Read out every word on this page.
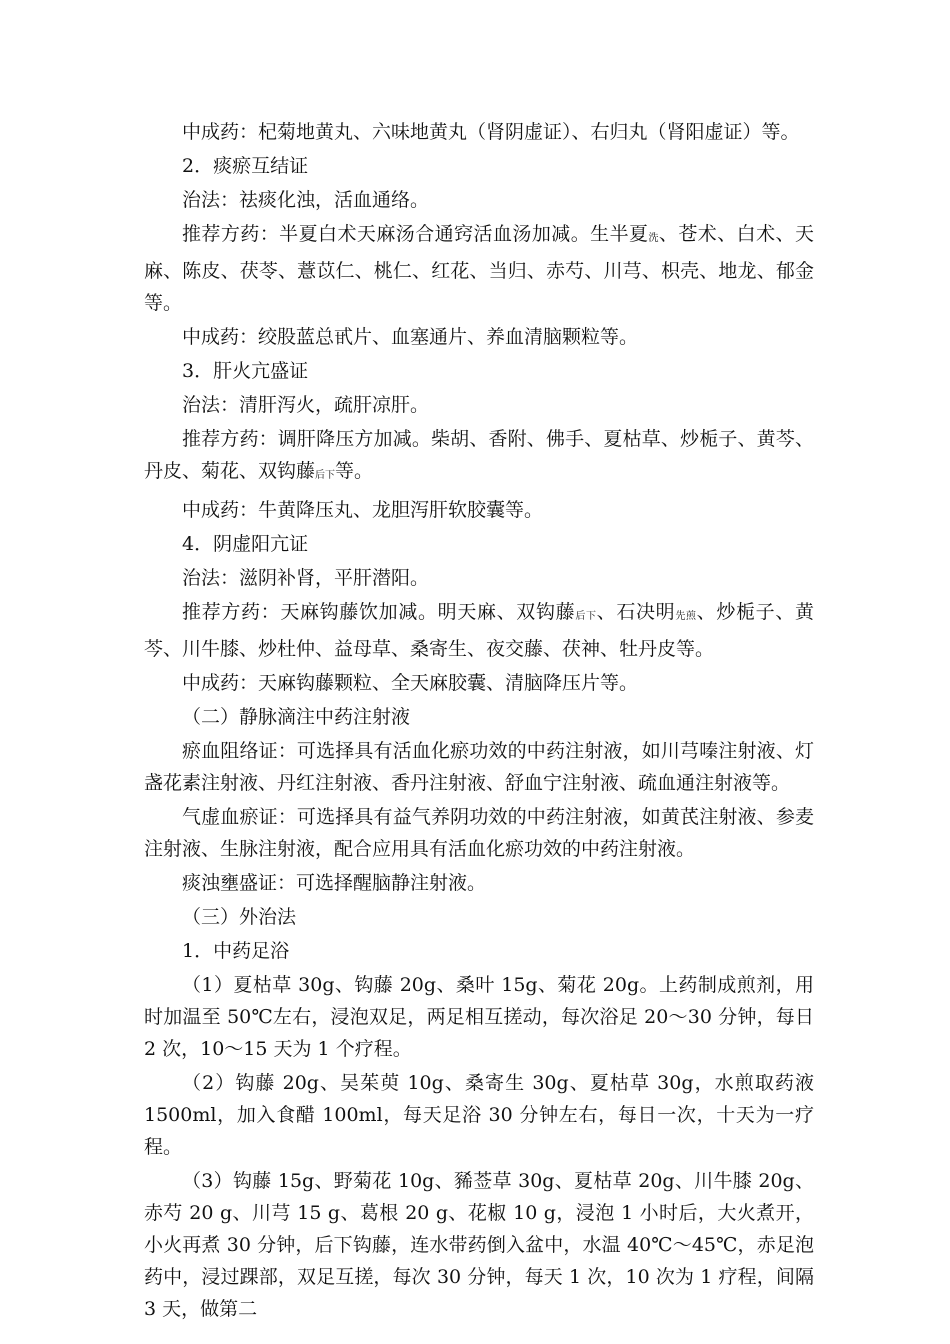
中成药：杞菊地黄丸、六味地黄丸（肾阴虚证）、右归丸（肾阳虚证）等。

2．痰瘀互结证

治法：祛痰化浊，活血通络。

推荐方药：半夏白术天麻汤合通窍活血汤加减。生半夏洗、苍术、白术、天麻、陈皮、茯苓、薏苡仁、桃仁、红花、当归、赤芍、川芎、枳壳、地龙、郁金等。

中成药：绞股蓝总甙片、血塞通片、养血清脑颗粒等。

3．肝火亢盛证

治法：清肝泻火，疏肝凉肝。

推荐方药：调肝降压方加减。柴胡、香附、佛手、夏枯草、炒栀子、黄芩、丹皮、菊花、双钩藤后下等。

中成药：牛黄降压丸、龙胆泻肝软胶囊等。

4．阴虚阳亢证

治法：滋阴补肾，平肝潜阳。

推荐方药：天麻钩藤饮加减。明天麻、双钩藤后下、石决明先煎、炒栀子、黄芩、川牛膝、炒杜仲、益母草、桑寄生、夜交藤、茯神、牡丹皮等。

中成药：天麻钩藤颗粒、全天麻胶囊、清脑降压片等。

（二）静脉滴注中药注射液

瘀血阻络证：可选择具有活血化瘀功效的中药注射液，如川芎嗪注射液、灯盏花素注射液、丹红注射液、香丹注射液、舒血宁注射液、疏血通注射液等。

气虚血瘀证：可选择具有益气养阴功效的中药注射液，如黄芪注射液、参麦注射液、生脉注射液，配合应用具有活血化瘀功效的中药注射液。

痰浊壅盛证：可选择醒脑静注射液。

（三）外治法

1．中药足浴

（1）夏枯草 30g、钩藤 20g、桑叶 15g、菊花 20g。上药制成煎剂，用时加温至 50℃左右，浸泡双足，两足相互搓动，每次浴足 20～30 分钟，每日 2 次，10～15 天为 1 个疗程。

（2）钩藤 20g、吴茱萸 10g、桑寄生 30g、夏枯草 30g，水煎取药液 1500ml，加入食醋 100ml，每天足浴 30 分钟左右，每日一次，十天为一疗程。

（3）钩藤 15g、野菊花 10g、豨莶草 30g、夏枯草 20g、川牛膝 20g、赤芍 20 g、川芎 15 g、葛根 20 g、花椒 10 g，浸泡 1 小时后，大火煮开，小火再煮 30 分钟，后下钩藤，连水带药倒入盆中，水温 40℃～45℃，赤足泡药中，浸过踝部，双足互搓，每次 30 分钟，每天 1 次，10 次为 1 疗程，间隔 3 天，做第二
